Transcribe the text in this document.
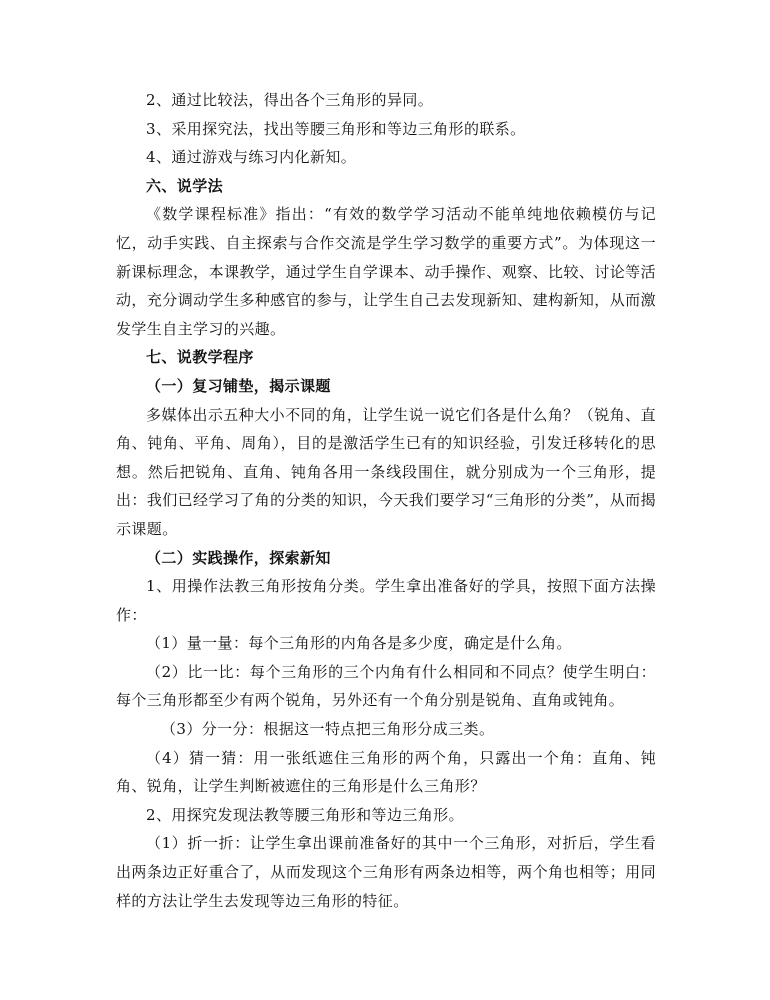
2、通过比较法，得出各个三角形的异同。

3、采用探究法，找出等腰三角形和等边三角形的联系。

4、通过游戏与练习内化新知。

六、说学法

《数学课程标准》指出：“有效的数学学习活动不能单纯地依赖模仿与记忆，动手实践、自主探索与合作交流是学生学习数学的重要方式”。为体现这一新课标理念，本课教学，通过学生自学课本、动手操作、观察、比较、讨论等活动，充分调动学生多种感官的参与，让学生自己去发现新知、建构新知，从而激发学生自主学习的兴趣。

七、说教学程序

（一）复习铺垫，揭示课题

多媒体出示五种大小不同的角，让学生说一说它们各是什么角？（锐角、直角、钝角、平角、周角），目的是激活学生已有的知识经验，引发迁移转化的思想。然后把锐角、直角、钝角各用一条线段围住，就分别成为一个三角形，提出：我们已经学习了角的分类的知识，今天我们要学习“三角形的分类”，从而揭示课题。

（二）实践操作，探索新知

1、用操作法教三角形按角分类。学生拿出准备好的学具，按照下面方法操作：

（1）量一量：每个三角形的内角各是多少度，确定是什么角。

（2）比一比：每个三角形的三个内角有什么相同和不同点？使学生明白：每个三角形都至少有两个锐角，另外还有一个角分别是锐角、直角或钝角。

（3）分一分：根据这一特点把三角形分成三类。

（4）猜一猜：用一张纸遮住三角形的两个角，只露出一个角：直角、钝角、锐角，让学生判断被遮住的三角形是什么三角形？

2、用探究发现法教等腰三角形和等边三角形。

（1）折一折：让学生拿出课前准备好的其中一个三角形，对折后，学生看出两条边正好重合了，从而发现这个三角形有两条边相等，两个角也相等；用同样的方法让学生去发现等边三角形的特征。
